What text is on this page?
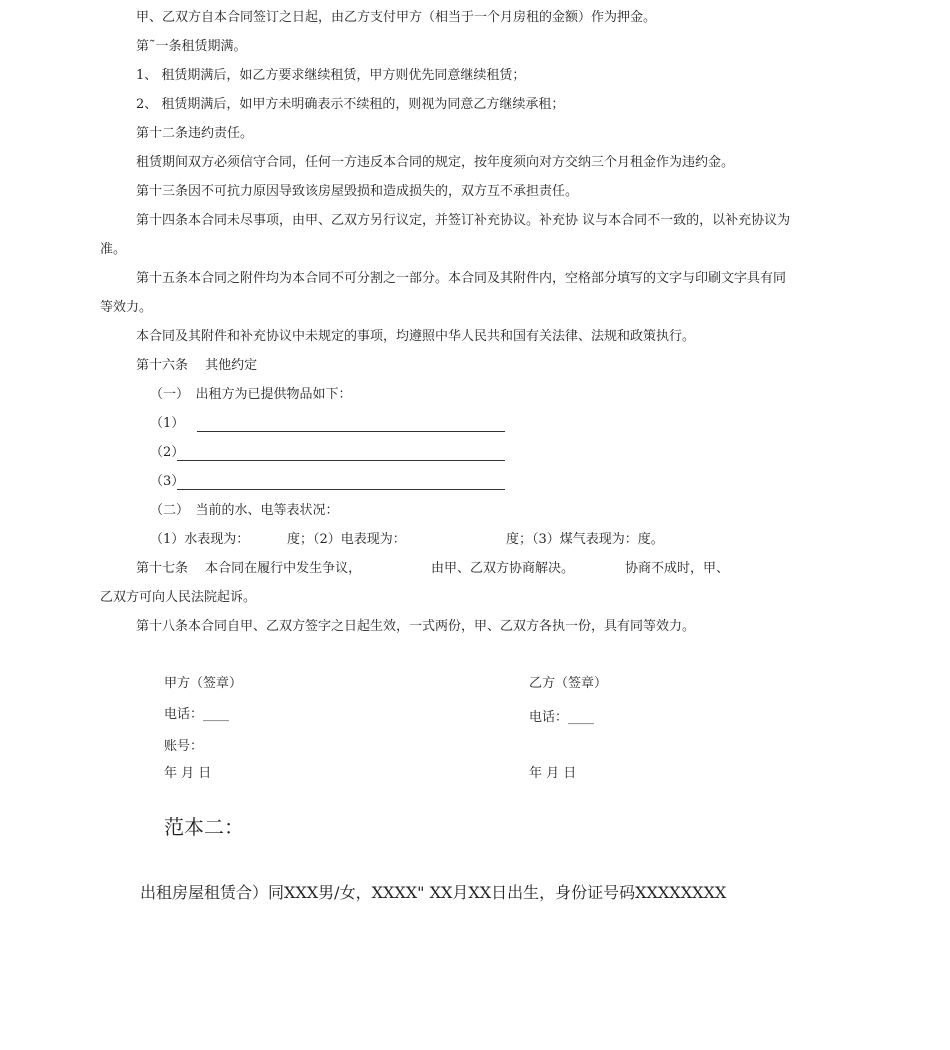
甲、乙双方自本合同签订之日起，由乙方支付甲方（相当于一个月房租的金额）作为押金。
第˜一条租赁期满。
1、 租赁期满后，如乙方要求继续租赁，甲方则优先同意继续租赁；
2、 租赁期满后，如甲方未明确表示不续租的，则视为同意乙方继续承租；
第十二条违约责任。
租赁期间双方必须信守合同，任何一方违反本合同的规定，按年度须向对方交纳三个月租金作为违约金。
第十三条因不可抗力原因导致该房屋毁损和造成损失的，双方互不承担责任。
第十四条本合同未尽事项，由甲、乙双方另行议定，并签订补充协议。补充协 议与本合同不一致的，以补充协议为
准。
第十五条本合同之附件均为本合同不可分割之一部分。本合同及其附件内，空格部分填写的文字与印刷文字具有同
等效力。
本合同及其附件和补充协议中未规定的事项，均遵照中华人民共和国有关法律、法规和政策执行。
第十六条　 其他约定
（一）　出租方为已提供物品如下：
（1）
（2）
（3）
（二）　当前的水、电等表状况：
（1）水表现为：	度；（2）电表现为：	度；（3）煤气表现为：度。
第十七条　 本合同在履行中发生争议，	由甲、乙双方协商解决。	协商不成时，甲、
乙双方可向人民法院起诉。
第十八条本合同自甲、乙双方签字之日起生效，一式两份，甲、乙双方各执一份，具有同等效力。
甲方（签章）	乙方（签章）
电话：____	电话：____
账号：
年 月 日	年 月 日
范本二：
出租房屋租赁合）同XXX男/女，XXXX" XX月XX日出生，身份证号码XXXXXXXX
